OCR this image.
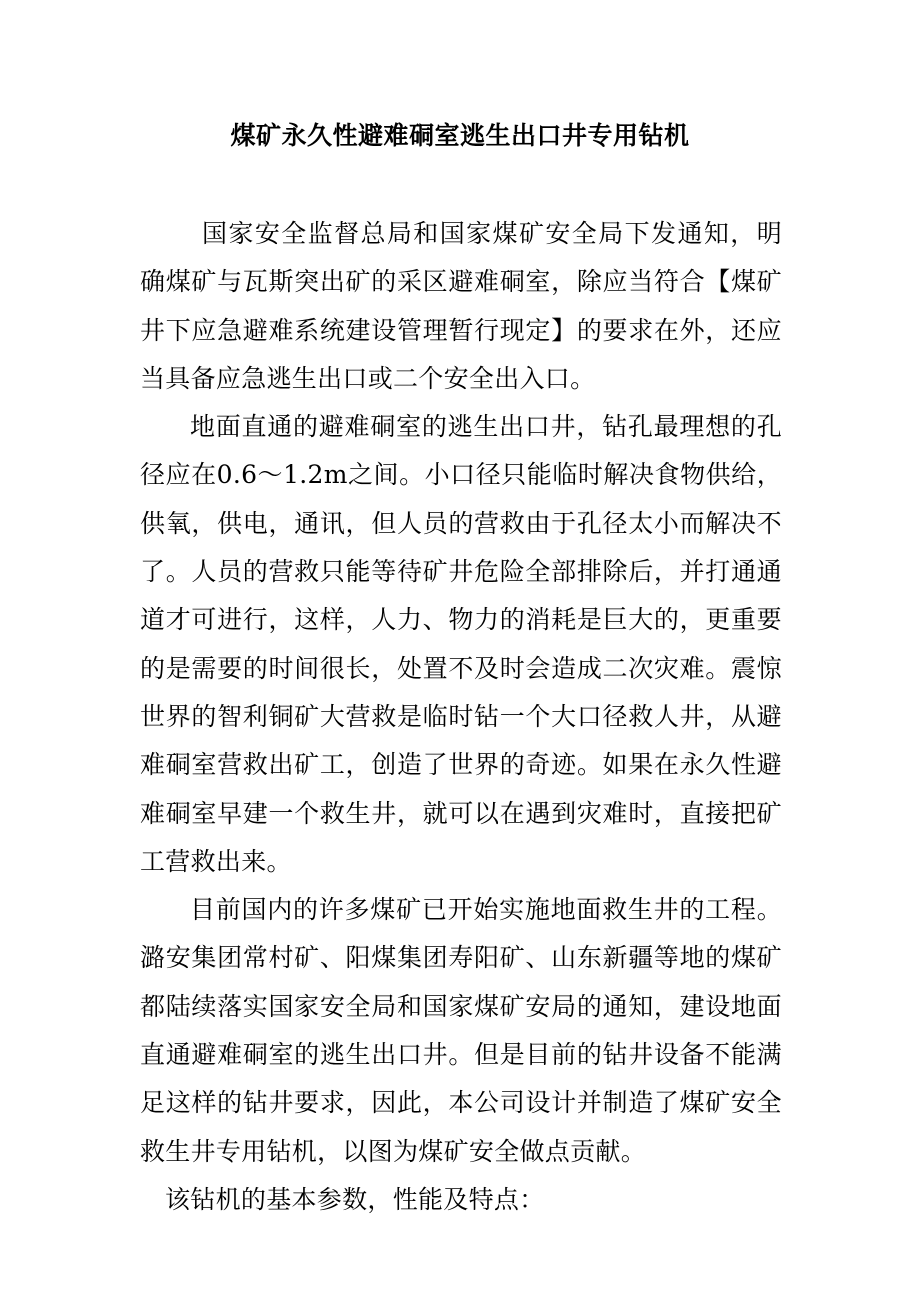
煤矿永久性避难硐室逃生出口井专用钻机

国家安全监督总局和国家煤矿安全局下发通知，明确煤矿与瓦斯突出矿的采区避难硐室，除应当符合【煤矿井下应急避难系统建设管理暂行现定】的要求在外，还应当具备应急逃生出口或二个安全出入口。

地面直通的避难硐室的逃生出口井，钻孔最理想的孔径应在0.6～1.2m之间。小口径只能临时解决食物供给，供氧，供电，通讯，但人员的营救由于孔径太小而解决不了。人员的营救只能等待矿井危险全部排除后，并打通通道才可进行，这样，人力、物力的消耗是巨大的，更重要的是需要的时间很长，处置不及时会造成二次灾难。震惊世界的智利铜矿大营救是临时钻一个大口径救人井，从避难硐室营救出矿工，创造了世界的奇迹。如果在永久性避难硐室早建一个救生井，就可以在遇到灾难时，直接把矿工营救出来。

目前国内的许多煤矿已开始实施地面救生井的工程。潞安集团常村矿、阳煤集团寿阳矿、山东新疆等地的煤矿都陆续落实国家安全局和国家煤矿安局的通知，建设地面直通避难硐室的逃生出口井。但是目前的钻井设备不能满足这样的钻井要求，因此，本公司设计并制造了煤矿安全救生井专用钻机，以图为煤矿安全做点贡献。

该钻机的基本参数，性能及特点：
